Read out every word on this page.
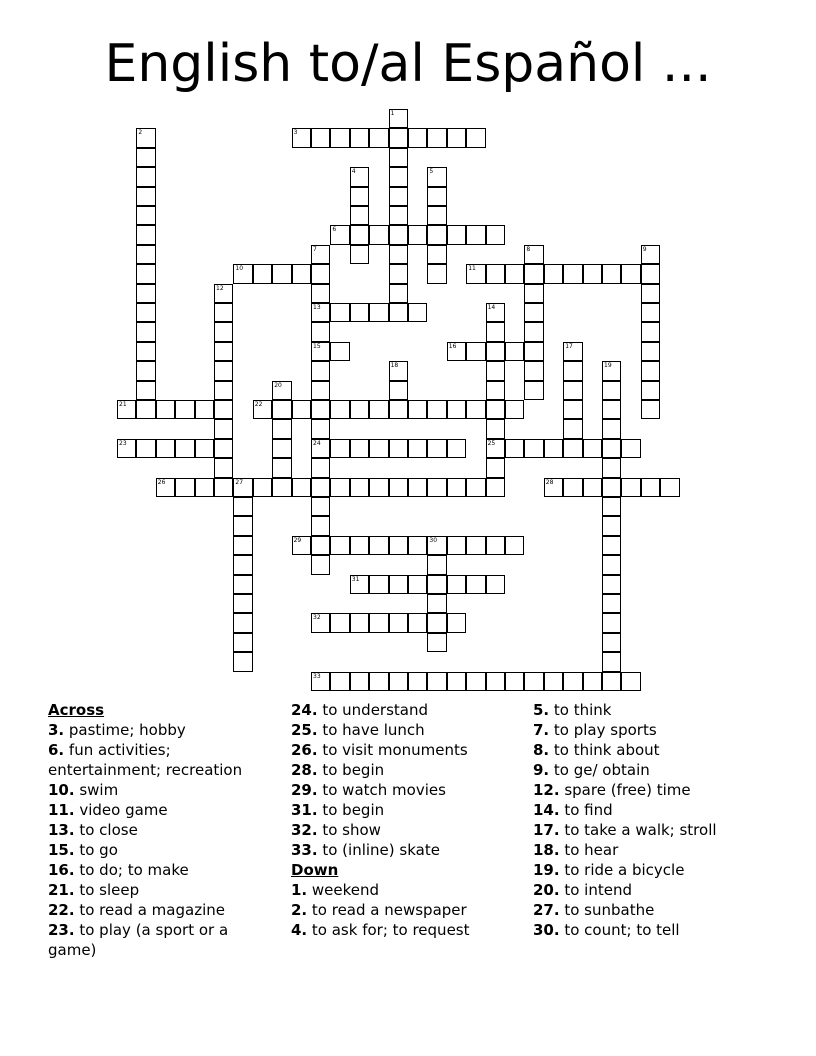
English to/al Español ...
1
2	3
4	5
6
7
13
15
24
8	9
10	11
12
14
25
16	17
18	19
20
21	22
23
26	27	28
29	30
31
32
33
Across
3. pastime; hobby
6. fun activities; entertainment; recreation
10. swim
11. video game
13. to close
15. to go
16. to do; to make
21. to sleep
22. to read a magazine
23. to play (a sport or a game)
24. to understand
25. to have lunch
26. to visit monuments
28. to begin
29. to watch movies
31. to begin
32. to show
33. to (inline) skate
Down
1. weekend
2. to read a newspaper
4. to ask for; to request
5. to think
7. to play sports
8. to think about
9. to ge/ obtain
12. spare (free) time
14. to find
17. to take a walk; stroll
18. to hear
19. to ride a bicycle
20. to intend
27. to sunbathe
30. to count; to tell
